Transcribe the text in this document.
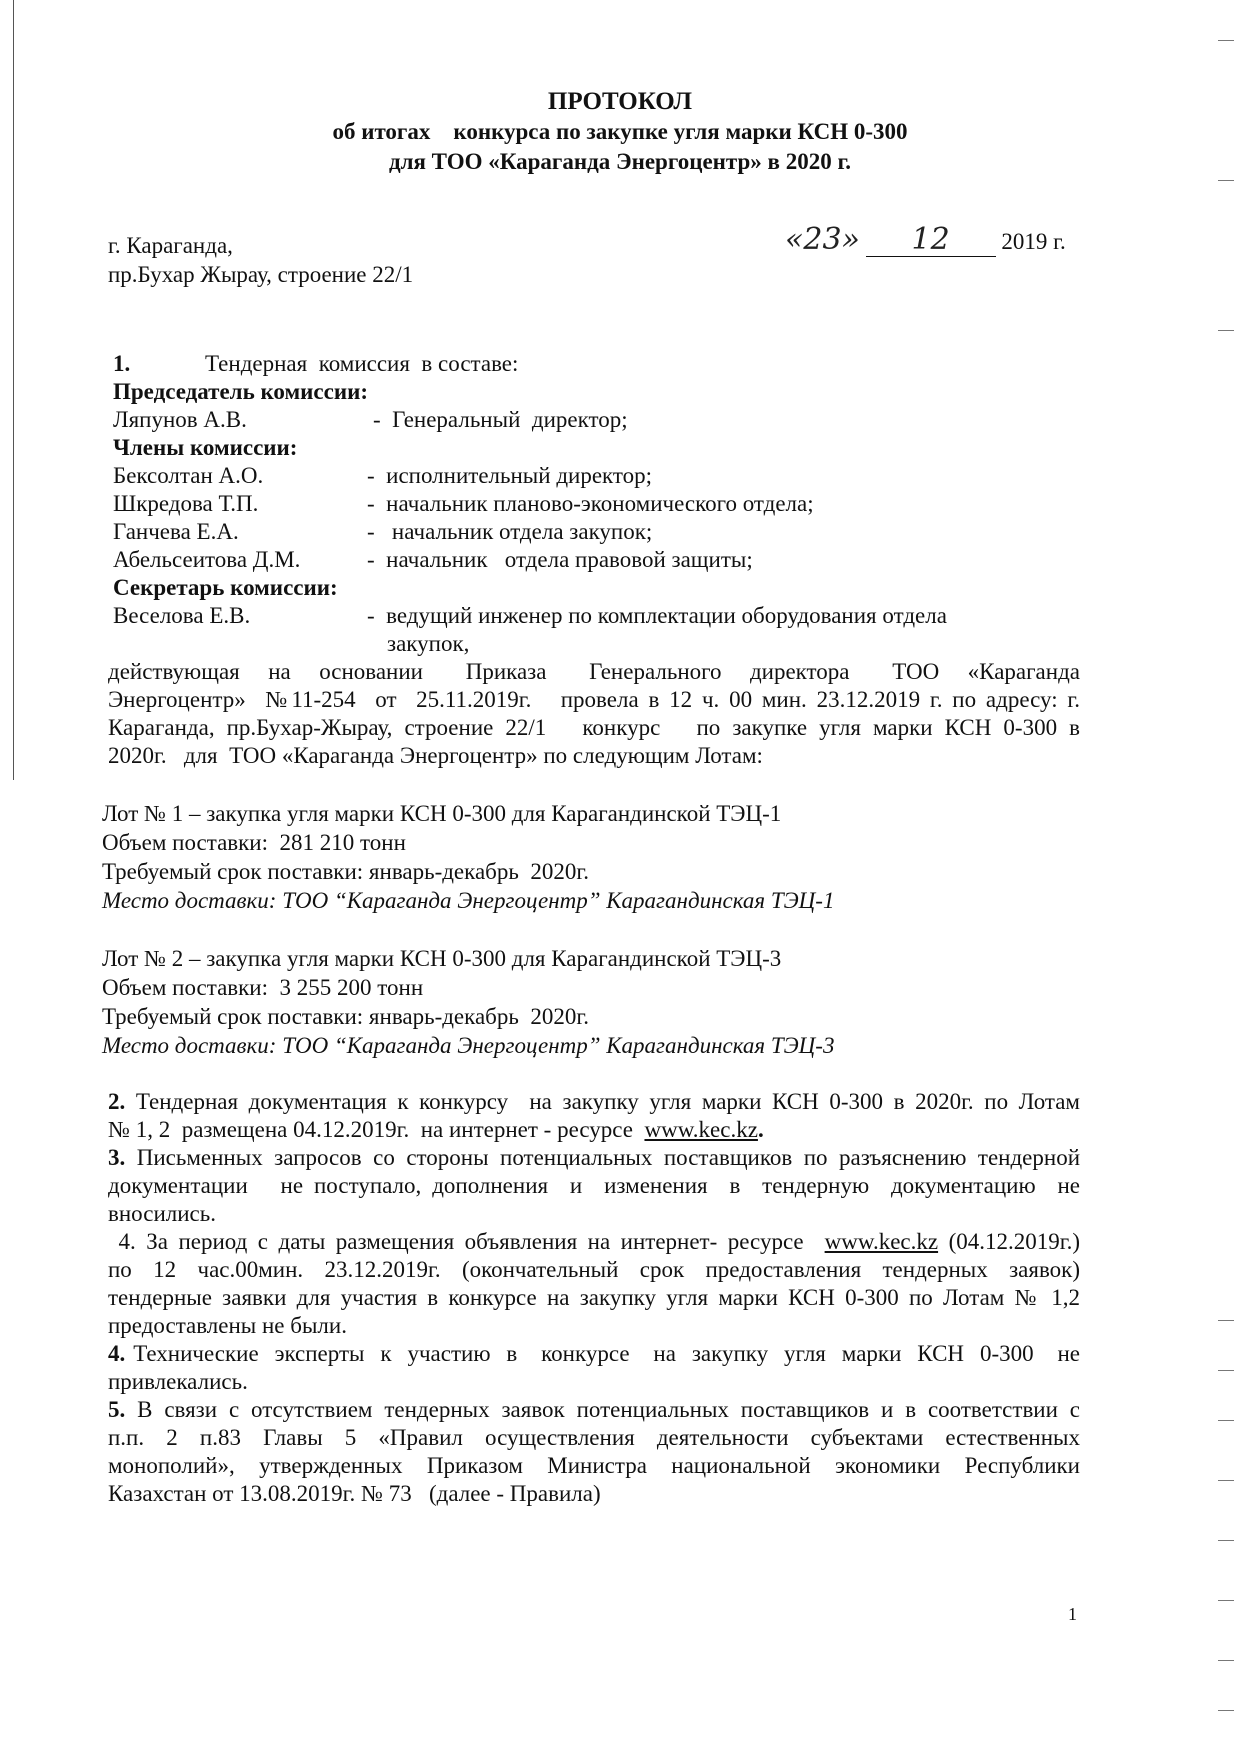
ПРОТОКОЛ
об итогах    конкурса по закупке угля марки КСН 0-300
для ТОО «Караганда Энергоцентр» в 2020 г.
г. Караганда,
пр.Бухар Жырау, строение 22/1
«23» 12 2019 г.
1.	Тендерная  комиссия  в составе:
Председатель комиссии:
Ляпунов А.В.	-  Генеральный  директор;
Члены комиссии:
Бексолтан А.О.	-  исполнительный директор;
Шкредова Т.П.	-  начальник планово-экономического отдела;
Ганчева Е.А.	-   начальник отдела закупок;
Абельсеитова Д.М.	-  начальник   отдела правовой защиты;
Секретарь комиссии:
Веселова Е.В.	-  ведущий инженер по комплектации оборудования отдела
закупок,
действующая  на  основании   Приказа   Генерального  директора   ТОО  «Караганда
Энергоцентр»  №11-254  от  25.11.2019г.   провела в 12 ч. 00 мин. 23.12.2019 г. по адресу: г.
Караганда, пр.Бухар-Жырау, строение 22/1   конкурс   по закупке угля марки КСН 0-300 в
2020г.   для  ТОО «Караганда Энергоцентр» по следующим Лотам:
Лот № 1 – закупка угля марки КСН 0-300 для Карагандинской ТЭЦ-1
Объем поставки:  281 210 тонн
Требуемый срок поставки: январь-декабрь  2020г.
Место доставки: ТОО “Караганда Энергоцентр” Карагандинская ТЭЦ-1
Лот № 2 – закупка угля марки КСН 0-300 для Карагандинской ТЭЦ-3
Объем поставки:  3 255 200 тонн
Требуемый срок поставки: январь-декабрь  2020г.
Место доставки: ТОО “Караганда Энергоцентр” Карагандинская ТЭЦ-3
2. Тендерная документация к конкурсу  на закупку угля марки КСН 0-300 в 2020г. по Лотам
№ 1, 2  размещена 04.12.2019г.  на интернет - ресурсе  www.kec.kz.
3. Письменных запросов со стороны потенциальных поставщиков по разъяснению тендерной
документации   не поступало, дополнения  и  изменения  в  тендерную  документацию  не
вносились.
4. За период с даты размещения объявления на интернет- ресурсе  www.kec.kz (04.12.2019г.)
по  12  час.00мин.  23.12.2019г.  (окончательный  срок  предоставления  тендерных  заявок)
тендерные заявки для участия в конкурсе на закупку угля марки КСН 0-300 по Лотам № 1,2
предоставлены не были.
4. Технические  эксперты  к  участию  в   конкурсе   на  закупку  угля  марки  КСН  0-300   не
привлекались.
5. В связи с отсутствием тендерных заявок потенциальных поставщиков и в соответствии с
п.п.  2  п.83  Главы  5  «Правил  осуществления  деятельности  субъектами  естественных
монополий»,  утвержденных  Приказом  Министра  национальной  экономики  Республики
Казахстан от 13.08.2019г. № 73   (далее - Правила)
1
